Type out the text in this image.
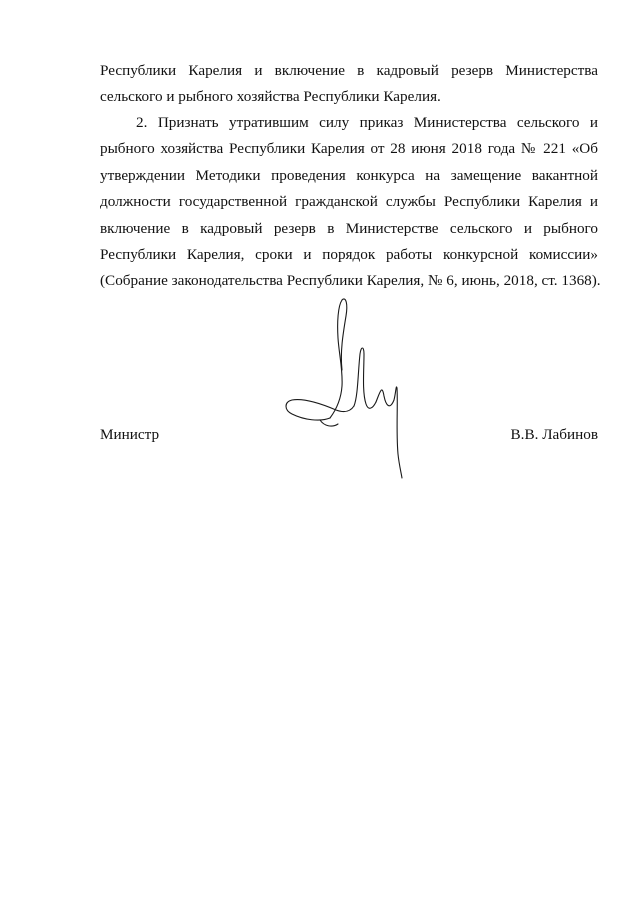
Республики Карелия и включение в кадровый резерв Министерства
сельского и рыбного хозяйства Республики Карелия.
2. Признать утратившим силу приказ Министерства сельского и
рыбного хозяйства Республики Карелия от 28 июня 2018 года № 221 «Об
утверждении Методики проведения конкурса на замещение вакантной
должности государственной гражданской службы Республики Карелия и
включение в кадровый резерв в Министерстве сельского и рыбного
Республики Карелия, сроки и порядок работы конкурсной комиссии»
(Собрание законодательства Республики Карелия, № 6, июнь, 2018, ст. 1368).
Министр	В.В. Лабинов
